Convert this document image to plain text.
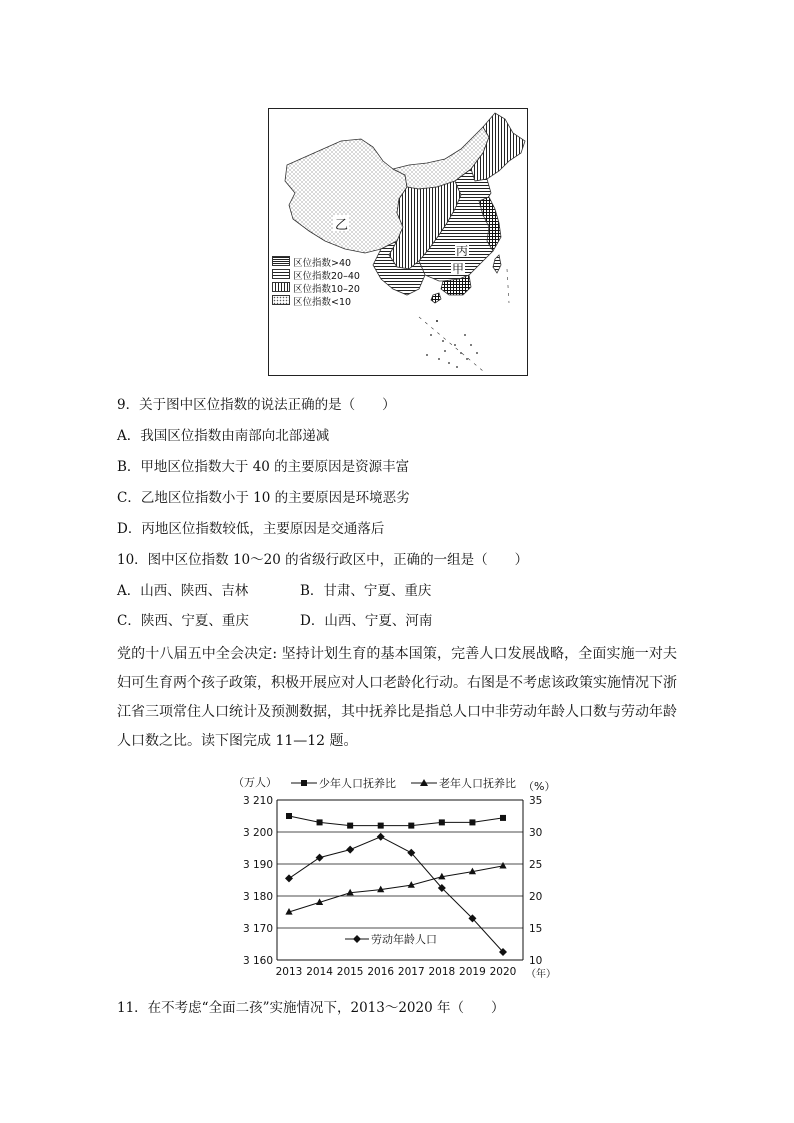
乙
丙
甲
区位指数>40
区位指数20–40
区位指数10–20
区位指数<10
9．关于图中区位指数的说法正确的是（　　）
A．我国区位指数由南部向北部递减
B．甲地区位指数大于 40 的主要原因是资源丰富
C．乙地区位指数小于 10 的主要原因是环境恶劣
D．丙地区位指数较低，主要原因是交通落后
10．图中区位指数 10～20 的省级行政区中，正确的一组是（　　）
A．山西、陕西、吉林	B．甘肃、宁夏、重庆
C．陕西、宁夏、重庆	D．山西、宁夏、河南
党的十八届五中全会决定: 坚持计划生育的基本国策，完善人口发展战略，全面实施一对夫妇可生育两个孩子政策，积极开展应对人口老龄化行动。右图是不考虑该政策实施情况下浙江省三项常住人口统计及预测数据，其中抚养比是指总人口中非劳动年龄人口数与劳动年龄人口数之比。读下图完成 11—12 题。
（万人）	（%）
少年人口抚养比	老年人口抚养比
劳动年龄人口
（年）
3 210	35
3 200	30
3 190	25
3 180	20
3 170	15
3 160	10
2013 2014 2015 2016 2017 2018 2019 2020
11．在不考虑“全面二孩”实施情况下，2013～2020 年（　　）
